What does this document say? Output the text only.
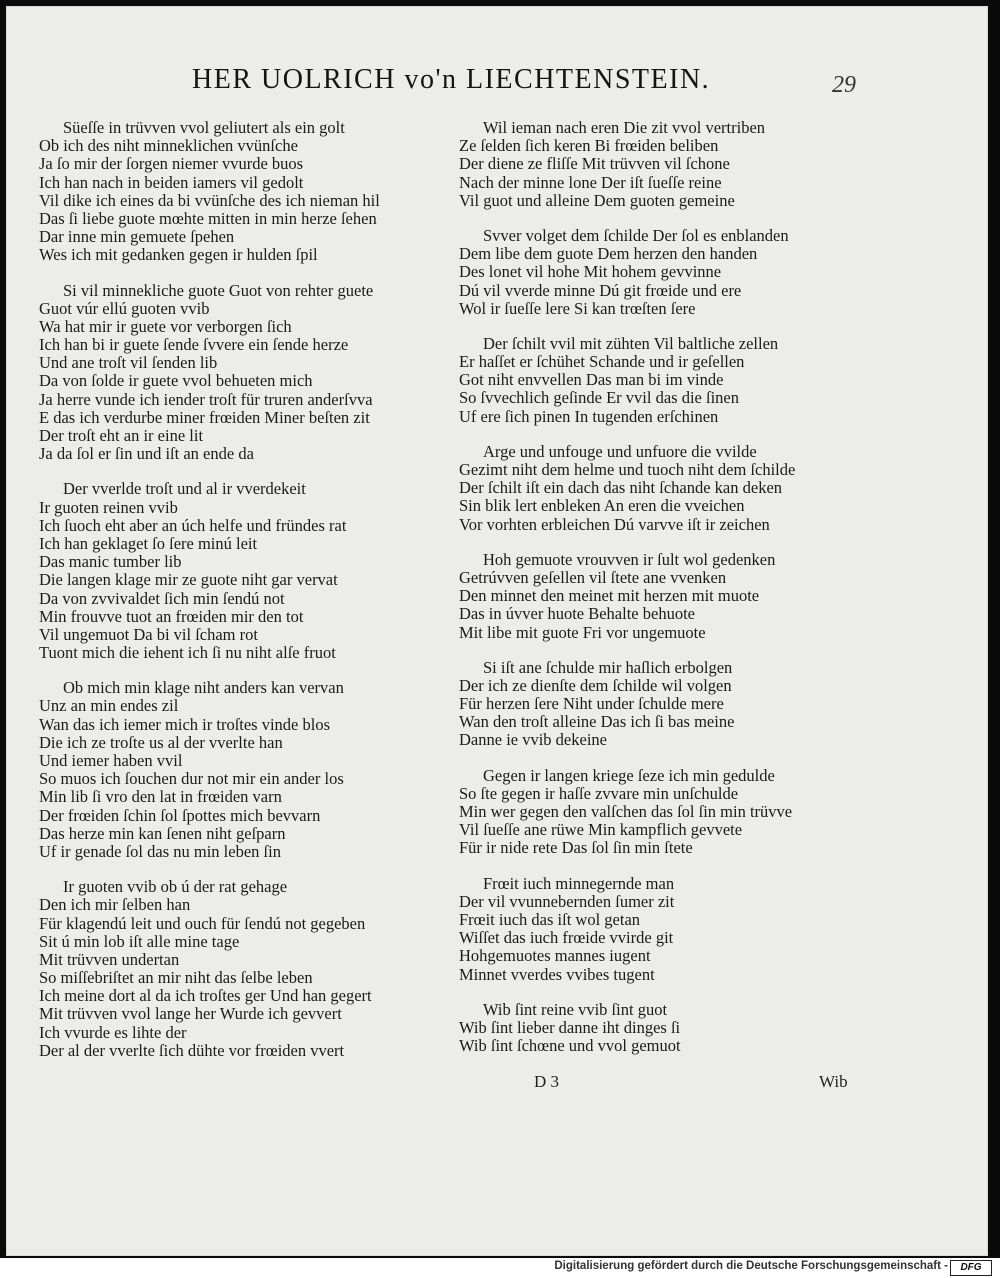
HER UOLRICH vo'n LIECHTENSTEIN.	29
Süeſſe in trüvven vvol geliutert als ein golt
Ob ich des niht minneklichen vvünſche
Ja ſo mir der ſorgen niemer vvurde buos
Ich han nach in beiden iamers vil gedolt
Vil dike ich eines da bi vvünſche des ich nieman hil
Das ſi liebe guote mœhte mitten in min herze ſehen
Dar inne min gemuete ſpehen
Wes ich mit gedanken gegen ir hulden ſpil
Si vil minnekliche guote Guot von rehter guete
Guot vúr ellú guoten vvib
Wa hat mir ir guete vor verborgen ſich
Ich han bi ir guete ſende ſvvere ein ſende herze
Und ane troſt vil ſenden lib
Da von ſolde ir guete vvol behueten mich
Ja herre vunde ich iender troſt für truren anderſvva
E das ich verdurbe miner frœiden Miner beſten zit
Der troſt eht an ir eine lit
Ja da ſol er ſin und iſt an ende da
Der vverlde troſt und al ir vverdekeit
Ir guoten reinen vvib
Ich ſuoch eht aber an úch helfe und fründes rat
Ich han geklaget ſo ſere minú leit
Das manic tumber lib
Die langen klage mir ze guote niht gar vervat
Da von zvvivaldet ſich min ſendú not
Min frouvve tuot an frœiden mir den tot
Vil ungemuot Da bi vil ſcham rot
Tuont mich die iehent ich ſi nu niht alſe fruot
Ob mich min klage niht anders kan vervan
Unz an min endes zil
Wan das ich iemer mich ir troſtes vinde blos
Die ich ze troſte us al der vverlte han
Und iemer haben vvil
So muos ich ſouchen dur not mir ein ander los
Min lib ſi vro den lat in frœiden varn
Der frœiden ſchin ſol ſpottes mich bevvarn
Das herze min kan ſenen niht geſparn
Uf ir genade ſol das nu min leben ſin
Ir guoten vvib ob ú der rat gehage
Den ich mir ſelben han
Für klagendú leit und ouch für ſendú not gegeben
Sit ú min lob iſt alle mine tage
Mit trüvven undertan
So miſſebriſtet an mir niht das ſelbe leben
Ich meine dort al da ich troſtes ger Und han gegert
Mit trüvven vvol lange her Wurde ich gevvert
Ich vvurde es lihte der
Der al der vverlte ſich dühte vor frœiden vvert
Wil ieman nach eren Die zit vvol vertriben
Ze ſelden ſich keren Bi frœiden beliben
Der diene ze fliſſe Mit trüvven vil ſchone
Nach der minne lone Der iſt ſueſſe reine
Vil guot und alleine Dem guoten gemeine
Svver volget dem ſchilde Der ſol es enblanden
Dem libe dem guote Dem herzen den handen
Des lonet vil hohe Mit hohem gevvinne
Dú vil vverde minne Dú git frœide und ere
Wol ir ſueſſe lere Si kan trœſten ſere
Der ſchilt vvil mit zühten Vil baltliche zellen
Er haſſet er ſchühet Schande und ir geſellen
Got niht envvellen Das man bi im vinde
So ſvvechlich geſinde Er vvil das die ſinen
Uf ere ſich pinen In tugenden erſchinen
Arge und unfouge und unfuore die vvilde
Gezimt niht dem helme und tuoch niht dem ſchilde
Der ſchilt iſt ein dach das niht ſchande kan deken
Sin blik lert enbleken An eren die vveichen
Vor vorhten erbleichen Dú varvve iſt ir zeichen
Hoh gemuote vrouvven ir ſult wol gedenken
Getrúvven geſellen vil ſtete ane vvenken
Den minnet den meinet mit herzen mit muote
Das in úvver huote Behalte behuote
Mit libe mit guote Fri vor ungemuote
Si iſt ane ſchulde mir haſlich erbolgen
Der ich ze dienſte dem ſchilde wil volgen
Für herzen ſere Niht under ſchulde mere
Wan den troſt alleine Das ich ſi bas meine
Danne ie vvib dekeine
Gegen ir langen kriege ſeze ich min gedulde
So ſte gegen ir haſſe zvvare min unſchulde
Min wer gegen den valſchen das ſol ſin min trüvve
Vil ſueſſe ane rüwe Min kampflich gevvete
Für ir nide rete Das ſol ſin min ſtete
Frœit iuch minnegernde man
Der vil vvunnebernden ſumer zit
Frœit iuch das iſt wol getan
Wiſſet das iuch frœide vvirde git
Hohgemuotes mannes iugent
Minnet vverdes vvibes tugent
Wib ſint reine vvib ſint guot
Wib ſint lieber danne iht dinges ſi
Wib ſint ſchœne und vvol gemuot
D 3	Wib
Digitalisierung gefördert durch die Deutsche Forschungsgemeinschaft -	DFG
